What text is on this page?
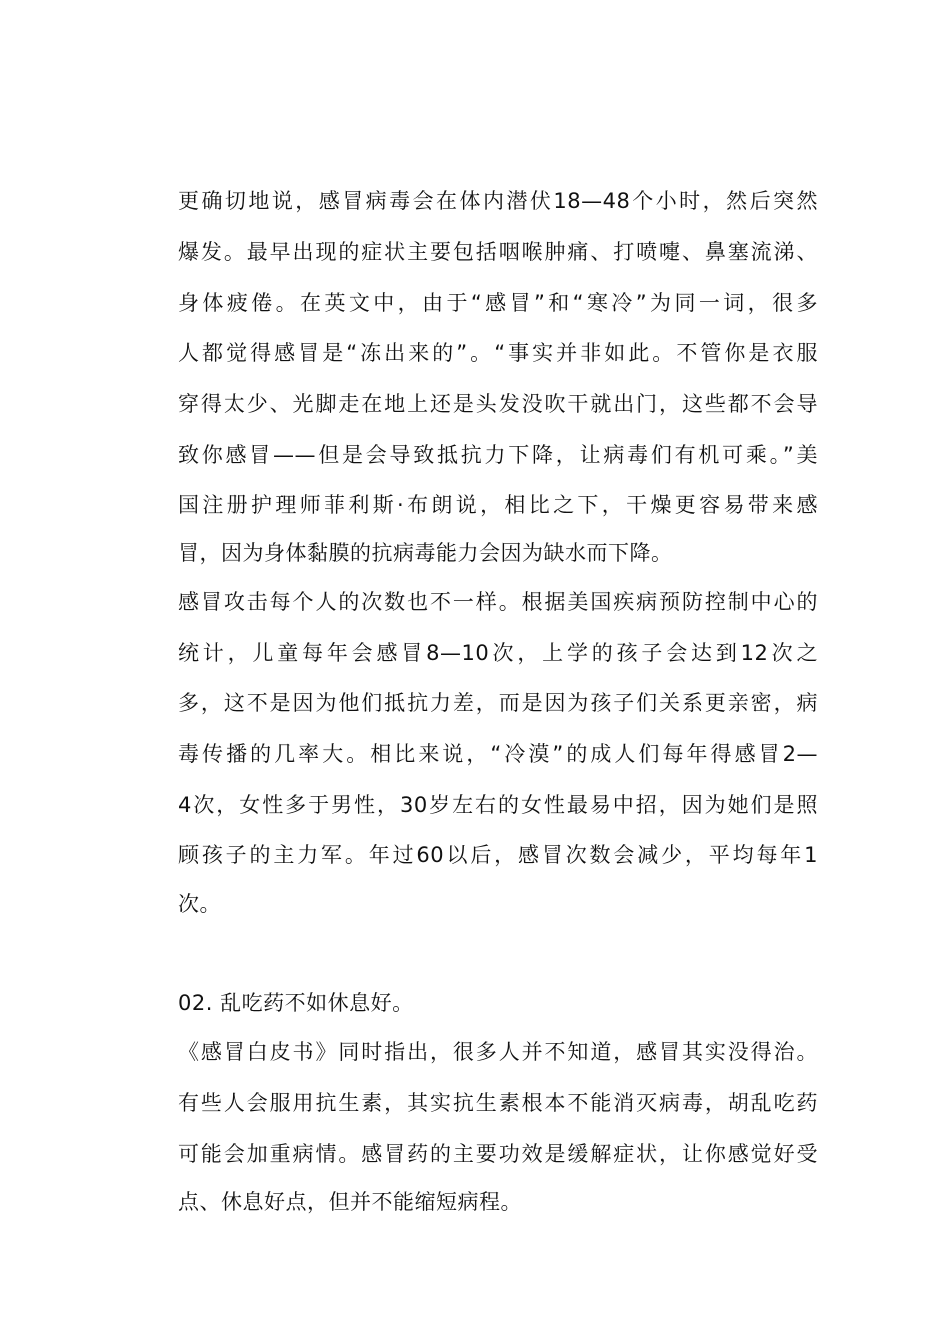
更确切地说，感冒病毒会在体内潜伏18—48个小时，然后突然
爆发。最早出现的症状主要包括咽喉肿痛、打喷嚏、鼻塞流涕、
身体疲倦。在英文中，由于“感冒”和“寒冷”为同一词，很多
人都觉得感冒是“冻出来的”。“事实并非如此。不管你是衣服
穿得太少、光脚走在地上还是头发没吹干就出门，这些都不会导
致你感冒——但是会导致抵抗力下降，让病毒们有机可乘。”美
国注册护理师菲利斯·布朗说，相比之下，干燥更容易带来感
冒，因为身体黏膜的抗病毒能力会因为缺水而下降。
感冒攻击每个人的次数也不一样。根据美国疾病预防控制中心的
统计，儿童每年会感冒8—10次，上学的孩子会达到12次之
多，这不是因为他们抵抗力差，而是因为孩子们关系更亲密，病
毒传播的几率大。相比来说，“冷漠”的成人们每年得感冒2—
4次，女性多于男性，30岁左右的女性最易中招，因为她们是照
顾孩子的主力军。年过60以后，感冒次数会减少，平均每年1
次。
02. 乱吃药不如休息好。
《感冒白皮书》同时指出，很多人并不知道，感冒其实没得治。
有些人会服用抗生素，其实抗生素根本不能消灭病毒，胡乱吃药
可能会加重病情。感冒药的主要功效是缓解症状，让你感觉好受
点、休息好点，但并不能缩短病程。
